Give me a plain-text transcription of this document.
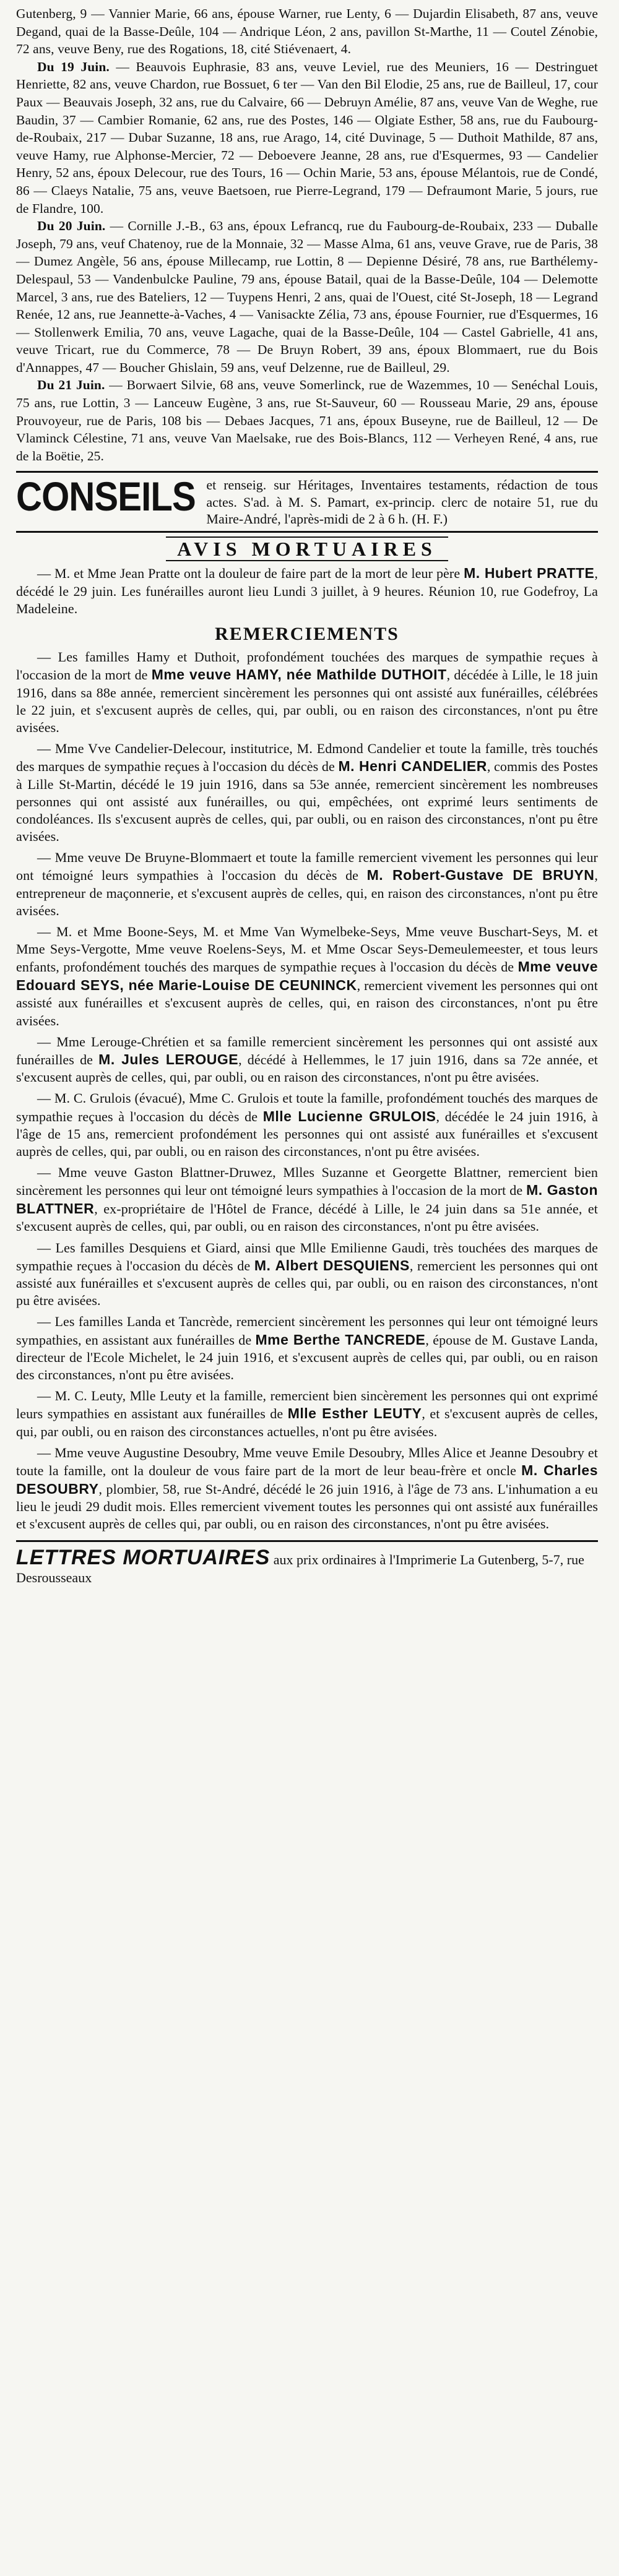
Gutenberg, 9 — Vannier Marie, 66 ans, épouse Warner, rue Lenty, 6 — Dujardin Elisabeth, 87 ans, veuve Degand, quai de la Basse-Deûle, 104 — Andrique Léon, 2 ans, pavillon St-Marthe, 11 — Coutel Zénobie, 72 ans, veuve Beny, rue des Rogations, 18, cité Stiévenaert, 4.

Du 19 Juin. — Beauvois Euphrasie, 83 ans, veuve Leviel, rue des Meuniers, 16 — Destringuet Henriette, 82 ans, veuve Chardon, rue Bossuet, 6 ter — Van den Bil Elodie, 25 ans, rue de Bailleul, 17, cour Paux — Beauvais Joseph, 32 ans, rue du Calvaire, 66 — Debruyn Amélie, 87 ans, veuve Van de Weghe, rue Baudin, 37 — Cambier Romanie, 62 ans, rue des Postes, 146 — Olgiate Esther, 58 ans, rue du Faubourg-de-Roubaix, 217 — Dubar Suzanne, 18 ans, rue Arago, 14, cité Duvinage, 5 — Duthoit Mathilde, 87 ans, veuve Hamy, rue Alphonse-Mercier, 72 — Deboevere Jeanne, 28 ans, rue d'Esquermes, 93 — Candelier Henry, 52 ans, époux Delecour, rue des Tours, 16 — Ochin Marie, 53 ans, épouse Mélantois, rue de Condé, 86 — Claeys Natalie, 75 ans, veuve Baetsoen, rue Pierre-Legrand, 179 — Defraumont Marie, 5 jours, rue de Flandre, 100.

Du 20 Juin. — Cornille J.-B., 63 ans, époux Lefrancq, rue du Faubourg-de-Roubaix, 233 — Duballe Joseph, 79 ans, veuf Chatenoy, rue de la Monnaie, 32 — Masse Alma, 61 ans, veuve Grave, rue de Paris, 38 — Dumez Angèle, 56 ans, épouse Millecamp, rue Lottin, 8 — Depienne Désiré, 78 ans, rue Barthélemy-Delespaul, 53 — Vandenbulcke Pauline, 79 ans, épouse Batail, quai de la Basse-Deûle, 104 — Delemotte Marcel, 3 ans, rue des Bateliers, 12 — Tuypens Henri, 2 ans, quai de l'Ouest, cité St-Joseph, 18 — Legrand Renée, 12 ans, rue Jeannette-à-Vaches, 4 — Vanisackte Zélia, 73 ans, épouse Fournier, rue d'Esquermes, 16 — Stollenwerk Emilia, 70 ans, veuve Lagache, quai de la Basse-Deûle, 104 — Castel Gabrielle, 41 ans, veuve Tricart, rue du Commerce, 78 — De Bruyn Robert, 39 ans, époux Blommaert, rue du Bois d'Annappes, 47 — Boucher Ghislain, 59 ans, veuf Delzenne, rue de Bailleul, 29.

Du 21 Juin. — Borwaert Silvie, 68 ans, veuve Somerlinck, rue de Wazemmes, 10 — Senéchal Louis, 75 ans, rue Lottin, 3 — Lanceuw Eugène, 3 ans, rue St-Sauveur, 60 — Rousseau Marie, 29 ans, épouse Prouvoyeur, rue de Paris, 108 bis — Debaes Jacques, 71 ans, époux Buseyne, rue de Bailleul, 12 — De Vlaminck Célestine, 71 ans, veuve Van Maelsake, rue des Bois-Blancs, 112 — Verheyen René, 4 ans, rue de la Boëtie, 25.

CONSEILS et renseig. sur Héritages, Inventaires testaments, rédaction de tous actes. S'ad. à M. S. Pamart, ex-princip. clerc de notaire 51, rue du Maire-André, l'après-midi de 2 à 6 h. (H. F.)
AVIS MORTUAIRES

— M. et Mme Jean Pratte ont la douleur de faire part de la mort de leur père M. Hubert PRATTE, décédé le 29 juin. Les funérailles auront lieu Lundi 3 juillet, à 9 heures. Réunion 10, rue Godefroy, La Madeleine.

REMERCIEMENTS

— Les familles Hamy et Duthoit, profondément touchées des marques de sympathie reçues à l'occasion de la mort de Mme veuve HAMY, née Mathilde DUTHOIT, décédée à Lille, le 18 juin 1916, dans sa 88e année, remercient sincèrement les personnes qui ont assisté aux funérailles, célébrées le 22 juin, et s'excusent auprès de celles, qui, par oubli, ou en raison des circonstances, n'ont pu être avisées.

— Mme Vve Candelier-Delecour, institutrice, M. Edmond Candelier et toute la famille, très touchés des marques de sympathie reçues à l'occasion du décès de M. Henri CANDELIER, commis des Postes à Lille St-Martin, décédé le 19 juin 1916, dans sa 53e année, remercient sincèrement les nombreuses personnes qui ont assisté aux funérailles, ou qui, empêchées, ont exprimé leurs sentiments de condoléances. Ils s'excusent auprès de celles, qui, par oubli, ou en raison des circonstances, n'ont pu être avisées.

— Mme veuve De Bruyne-Blommaert et toute la famille remercient vivement les personnes qui leur ont témoigné leurs sympathies à l'occasion du décès de M. Robert-Gustave DE BRUYN, entrepreneur de maçonnerie, et s'excusent auprès de celles, qui, en raison des circonstances, n'ont pu être avisées.

— M. et Mme Boone-Seys, M. et Mme Van Wymelbeke-Seys, Mme veuve Buschart-Seys, M. et Mme Seys-Vergotte, Mme veuve Roelens-Seys, M. et Mme Oscar Seys-Demeulemeester, et tous leurs enfants, profondément touchés des marques de sympathie reçues à l'occasion du décès de Mme veuve Edouard SEYS, née Marie-Louise DE CEUNINCK, remercient vivement les personnes qui ont assisté aux funérailles et s'excusent auprès de celles, qui, en raison des circonstances, n'ont pu être avisées.

— Mme Lerouge-Chrétien et sa famille remercient sincèrement les personnes qui ont assisté aux funérailles de M. Jules LEROUGE, décédé à Hellemmes, le 17 juin 1916, dans sa 72e année, et s'excusent auprès de celles, qui, par oubli, ou en raison des circonstances, n'ont pu être avisées.

— M. C. Grulois (évacué), Mme C. Grulois et toute la famille, profondément touchés des marques de sympathie reçues à l'occasion du décès de Mlle Lucienne GRULOIS, décédée le 24 juin 1916, à l'âge de 15 ans, remercient profondément les personnes qui ont assisté aux funérailles et s'excusent auprès de celles, qui, par oubli, ou en raison des circonstances, n'ont pu être avisées.

— Mme veuve Gaston Blattner-Druwez, Mlles Suzanne et Georgette Blattner, remercient bien sincèrement les personnes qui leur ont témoigné leurs sympathies à l'occasion de la mort de M. Gaston BLATTNER, ex-propriétaire de l'Hôtel de France, décédé à Lille, le 24 juin dans sa 51e année, et s'excusent auprès de celles, qui, par oubli, ou en raison des circonstances, n'ont pu être avisées.

— Les familles Desquiens et Giard, ainsi que Mlle Emilienne Gaudi, très touchées des marques de sympathie reçues à l'occasion du décès de M. Albert DESQUIENS, remercient les personnes qui ont assisté aux funérailles et s'excusent auprès de celles qui, par oubli, ou en raison des circonstances, n'ont pu être avisées.

— Les familles Landa et Tancrède, remercient sincèrement les personnes qui leur ont témoigné leurs sympathies, en assistant aux funérailles de Mme Berthe TANCREDE, épouse de M. Gustave Landa, directeur de l'Ecole Michelet, le 24 juin 1916, et s'excusent auprès de celles qui, par oubli, ou en raison des circonstances, n'ont pu être avisées.

— M. C. Leuty, Mlle Leuty et la famille, remercient bien sincèrement les personnes qui ont exprimé leurs sympathies en assistant aux funérailles de Mlle Esther LEUTY, et s'excusent auprès de celles, qui, par oubli, ou en raison des circonstances actuelles, n'ont pu être avisées.

— Mme veuve Augustine Desoubry, Mme veuve Emile Desoubry, Mlles Alice et Jeanne Desoubry et toute la famille, ont la douleur de vous faire part de la mort de leur beau-frère et oncle M. Charles DESOUBRY, plombier, 58, rue St-André, décédé le 26 juin 1916, à l'âge de 73 ans. L'inhumation a eu lieu le jeudi 29 dudit mois. Elles remercient vivement toutes les personnes qui ont assisté aux funérailles et s'excusent auprès de celles qui, par oubli, ou en raison des circonstances, n'ont pu être avisées.

LETTRES MORTUAIRES aux prix ordinaires à l'Imprimerie La Gutenberg, 5-7, rue Desrousseaux
